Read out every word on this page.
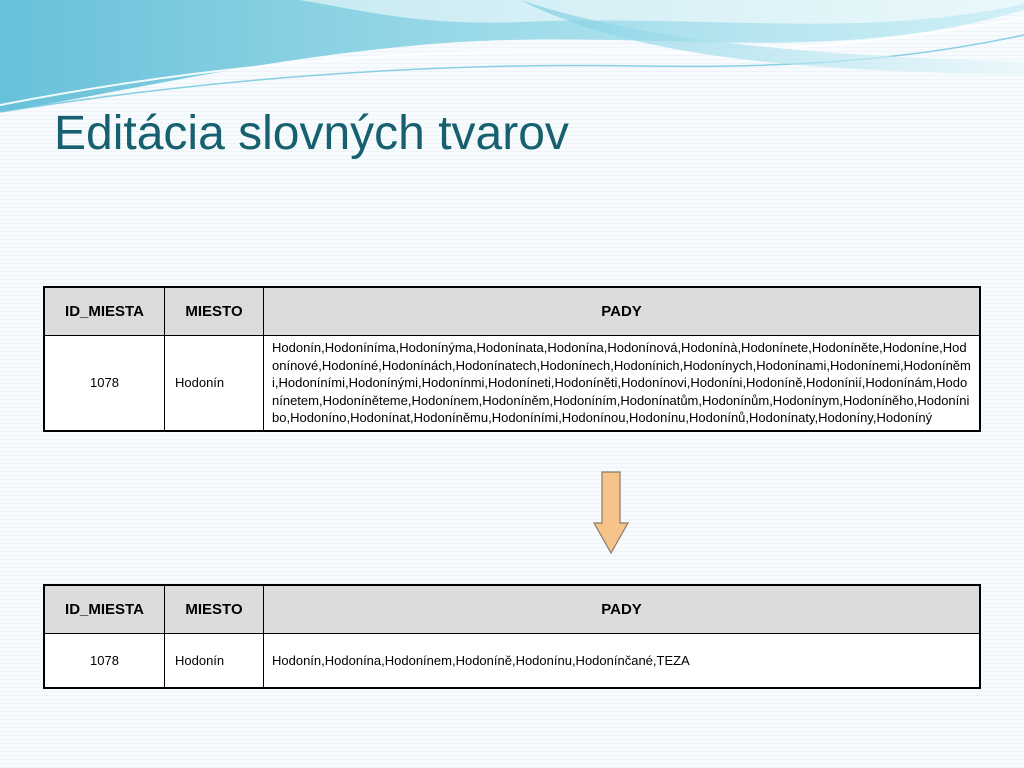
Editácia slovných tvarov
ID_MIESTA	MIESTO	PADY
1078	Hodonín	Hodonín,Hodoníníma,Hodonínýma,Hodonínata,Hodonína,Hodonínová,Hodonínà,Hodonínete,Hodoníněte,Hodoníne,Hodonínové,Hodoníné,Hodonínách,Hodonínatech,Hodonínech,Hodonínich,Hodonínych,Hodonínami,Hodonínemi,Hodoníněmi,Hodoníními,Hodonínými,Hodonínmi,Hodoníneti,Hodoníněti,Hodonínovi,Hodoníni,Hodoníně,Hodonínií,Hodonínám,Hodonínetem,Hodoníněteme,Hodonínem,Hodoníněm,Hodoníním,Hodonínatům,Hodonínům,Hodonínym,Hodoníněho,Hodonínibo,Hodoníno,Hodonínat,Hodoníněmu,Hodoníními,Hodonínou,Hodonínu,Hodonínů,Hodonínaty,Hodoníny,Hodoníný
ID_MIESTA	MIESTO	PADY
1078	Hodonín	Hodonín,Hodonína,Hodonínem,Hodoníně,Hodonínu,Hodonínčané,TEZA
